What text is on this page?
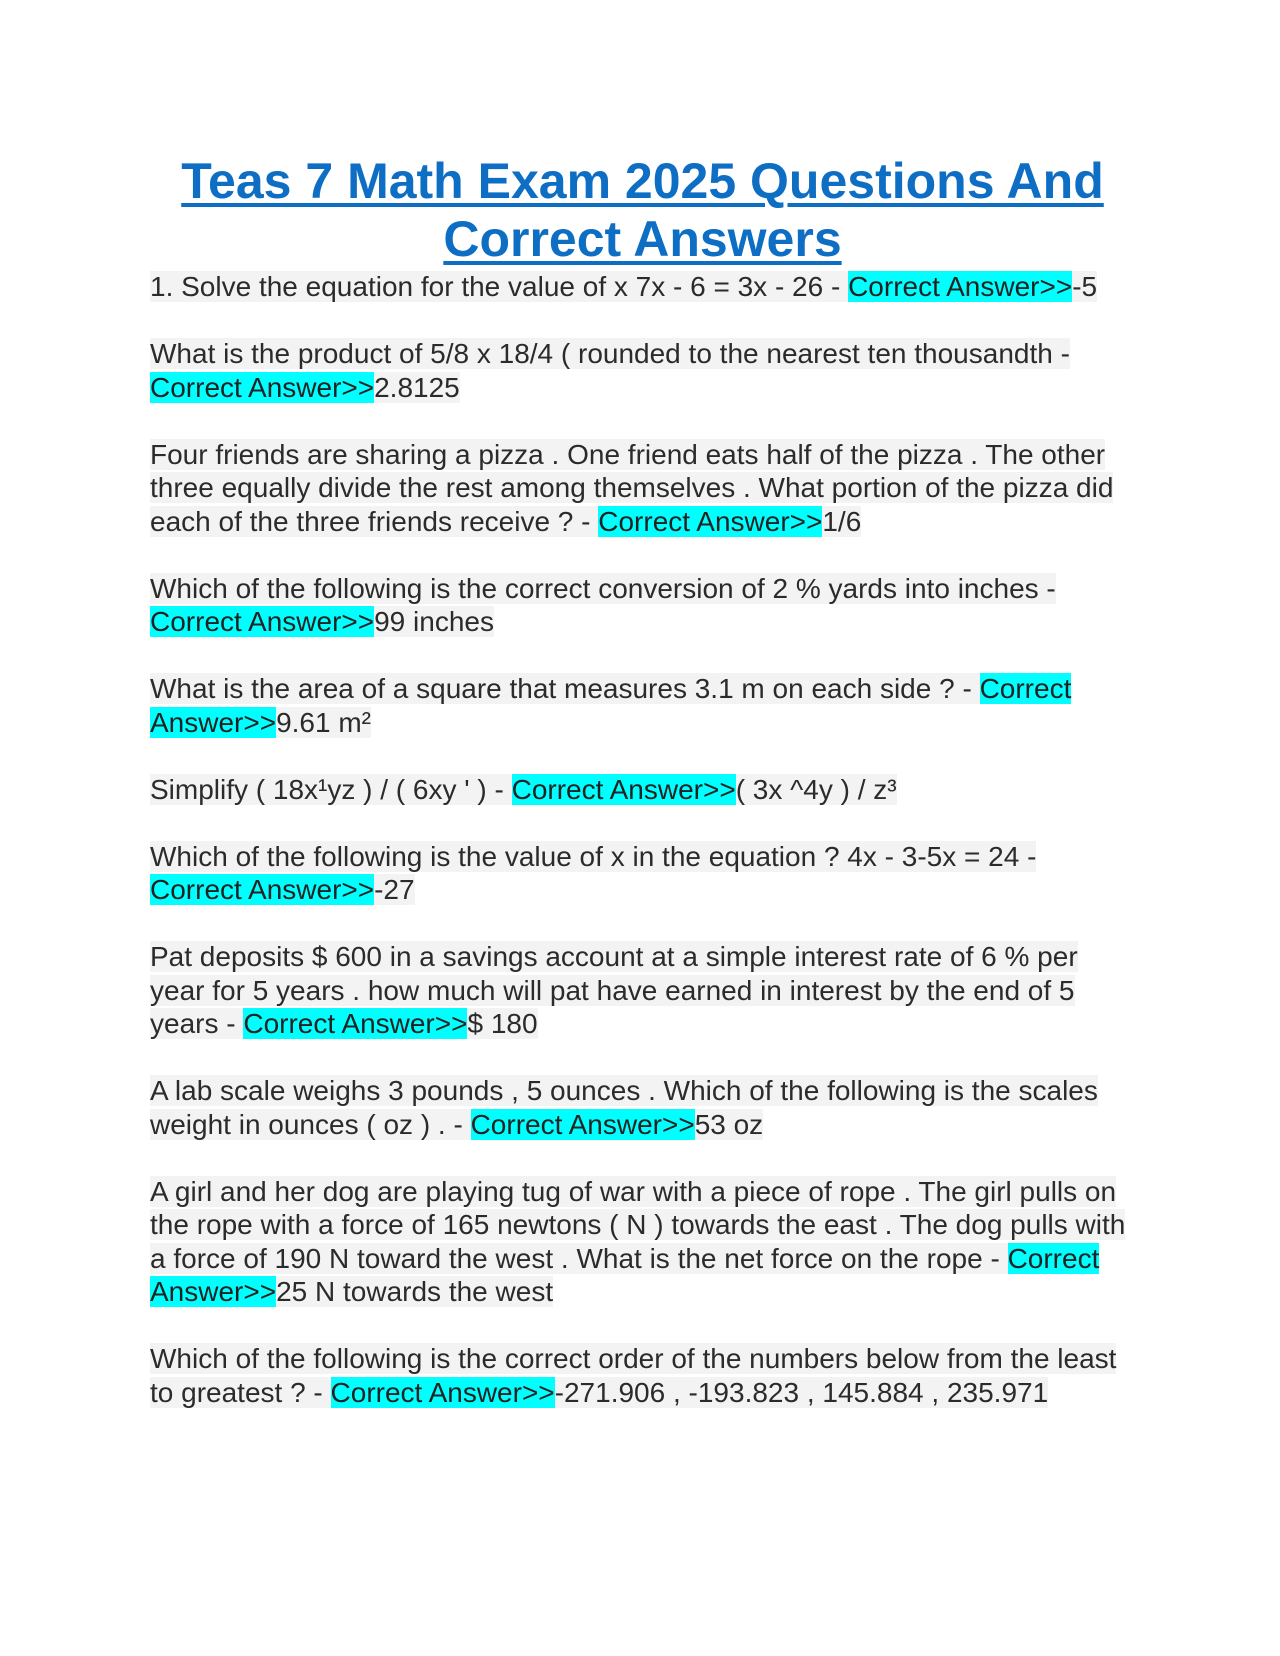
Teas 7 Math Exam 2025 Questions And Correct Answers

1. Solve the equation for the value of x 7x - 6 = 3x - 26 - Correct Answer>>-5

What is the product of 5/8 x 18/4 ( rounded to the nearest ten thousandth - Correct Answer>>2.8125

Four friends are sharing a pizza . One friend eats half of the pizza . The other three equally divide the rest among themselves . What portion of the pizza did each of the three friends receive ? - Correct Answer>>1/6

Which of the following is the correct conversion of 2 % yards into inches - Correct Answer>>99 inches

What is the area of a square that measures 3.1 m on each side ? - Correct Answer>>9.61 m²

Simplify ( 18x¹yz ) / ( 6xy ' ) - Correct Answer>>( 3x ^4y ) / z³

Which of the following is the value of x in the equation ? 4x - 3-5x = 24 - Correct Answer>>-27

Pat deposits $ 600 in a savings account at a simple interest rate of 6 % per year for 5 years . how much will pat have earned in interest by the end of 5 years - Correct Answer>>$ 180

A lab scale weighs 3 pounds , 5 ounces . Which of the following is the scales weight in ounces ( oz ) . - Correct Answer>>53 oz

A girl and her dog are playing tug of war with a piece of rope . The girl pulls on the rope with a force of 165 newtons ( N ) towards the east . The dog pulls with a force of 190 N toward the west . What is the net force on the rope - Correct Answer>>25 N towards the west

Which of the following is the correct order of the numbers below from the least to greatest ? - Correct Answer>>-271.906 , -193.823 , 145.884 , 235.971
